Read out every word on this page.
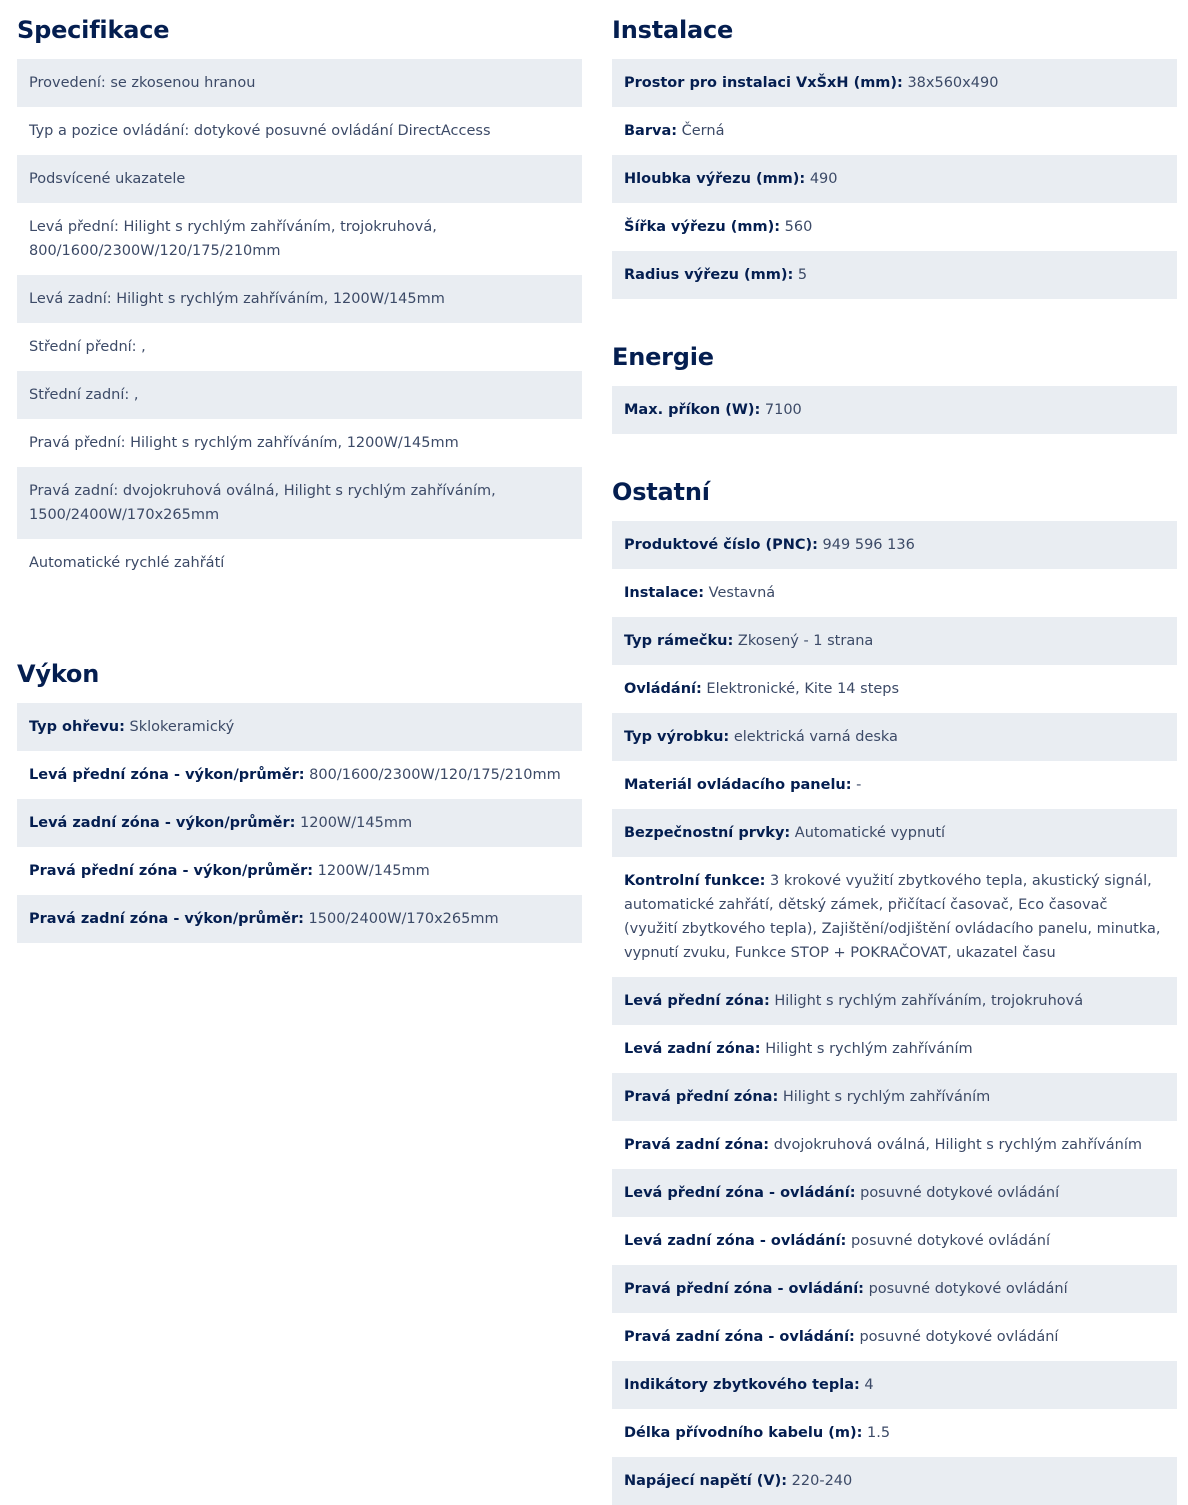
Specifikace
Provedení: se zkosenou hranou
Typ a pozice ovládání: dotykové posuvné ovládání DirectAccess
Podsvícené ukazatele
Levá přední: Hilight s rychlým zahříváním, trojokruhová, 800/1600/2300W/120/175/210mm
Levá zadní: Hilight s rychlým zahříváním, 1200W/145mm
Střední přední: ,
Střední zadní: ,
Pravá přední: Hilight s rychlým zahříváním, 1200W/145mm
Pravá zadní: dvojokruhová oválná, Hilight s rychlým zahříváním, 1500/2400W/170x265mm
Automatické rychlé zahřátí
Výkon
Typ ohřevu: Sklokeramický
Levá přední zóna - výkon/průměr: 800/1600/2300W/120/175/210mm
Levá zadní zóna - výkon/průměr: 1200W/145mm
Pravá přední zóna - výkon/průměr: 1200W/145mm
Pravá zadní zóna - výkon/průměr: 1500/2400W/170x265mm
Instalace
Prostor pro instalaci VxŠxH (mm): 38x560x490
Barva: Černá
Hloubka výřezu (mm): 490
Šířka výřezu (mm): 560
Radius výřezu (mm): 5
Energie
Max. příkon (W): 7100
Ostatní
Produktové číslo (PNC): 949 596 136
Instalace: Vestavná
Typ rámečku: Zkosený - 1 strana
Ovládání: Elektronické, Kite 14 steps
Typ výrobku: elektrická varná deska
Materiál ovládacího panelu: -
Bezpečnostní prvky: Automatické vypnutí
Kontrolní funkce: 3 krokové využití zbytkového tepla, akustický signál, automatické zahřátí, dětský zámek, přičítací časovač, Eco časovač (využití zbytkového tepla), Zajištění/odjištění ovládacího panelu, minutka, vypnutí zvuku, Funkce STOP + POKRAČOVAT, ukazatel času
Levá přední zóna: Hilight s rychlým zahříváním, trojokruhová
Levá zadní zóna: Hilight s rychlým zahříváním
Pravá přední zóna: Hilight s rychlým zahříváním
Pravá zadní zóna: dvojokruhová oválná, Hilight s rychlým zahříváním
Levá přední zóna - ovládání: posuvné dotykové ovládání
Levá zadní zóna - ovládání: posuvné dotykové ovládání
Pravá přední zóna - ovládání: posuvné dotykové ovládání
Pravá zadní zóna - ovládání: posuvné dotykové ovládání
Indikátory zbytkového tepla: 4
Délka přívodního kabelu (m): 1.5
Napájecí napětí (V): 220-240
